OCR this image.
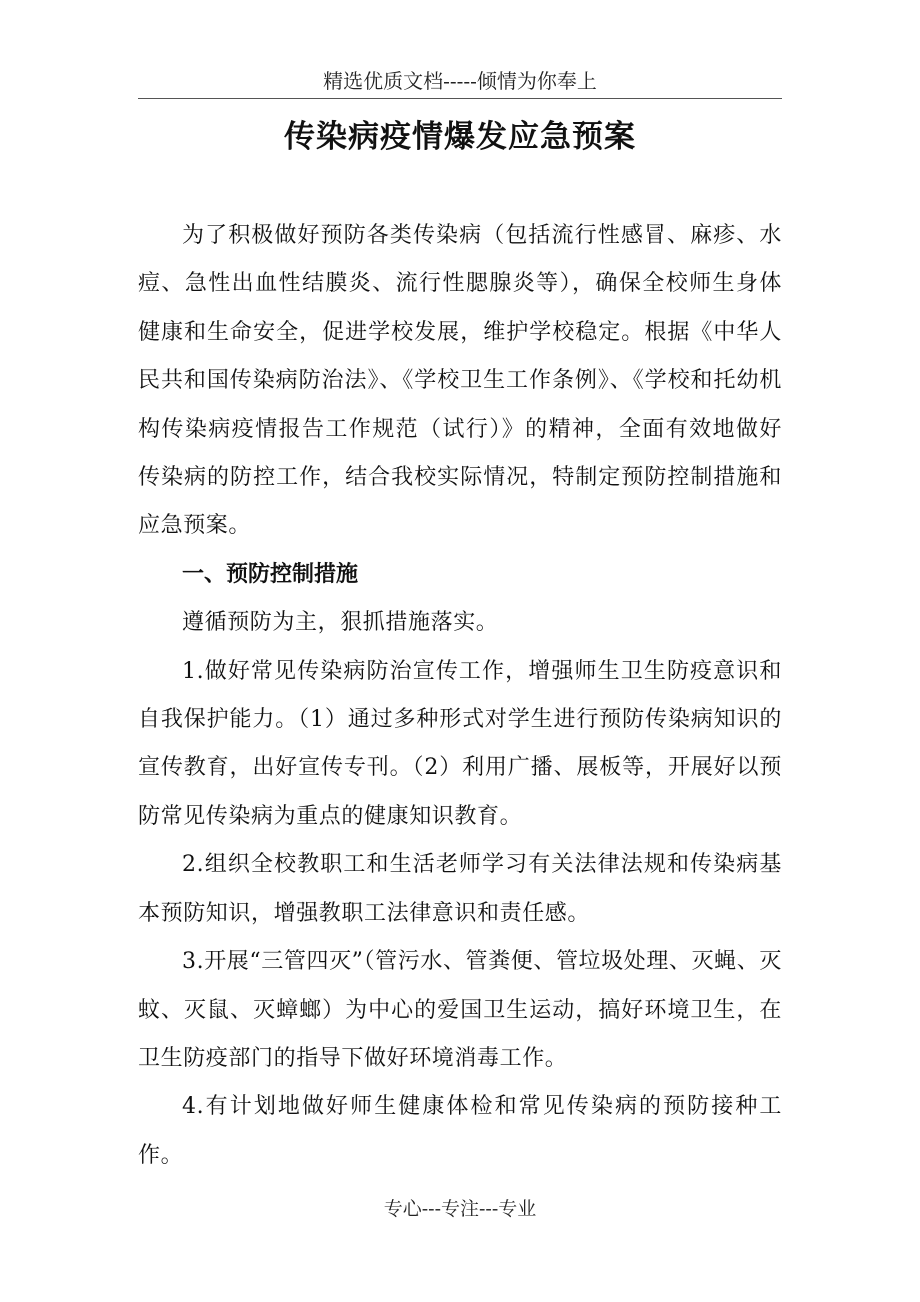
精选优质文档-----倾情为你奉上
传染病疫情爆发应急预案

为了积极做好预防各类传染病（包括流行性感冒、麻疹、水痘、急性出血性结膜炎、流行性腮腺炎等），确保全校师生身体健康和生命安全，促进学校发展，维护学校稳定。根据《中华人民共和国传染病防治法》、《学校卫生工作条例》、《学校和托幼机构传染病疫情报告工作规范（试行）》的精神，全面有效地做好传染病的防控工作，结合我校实际情况，特制定预防控制措施和应急预案。

一、预防控制措施

遵循预防为主，狠抓措施落实。

1.做好常见传染病防治宣传工作，增强师生卫生防疫意识和自我保护能力。（1）通过多种形式对学生进行预防传染病知识的宣传教育，出好宣传专刊。（2）利用广播、展板等，开展好以预防常见传染病为重点的健康知识教育。

2.组织全校教职工和生活老师学习有关法律法规和传染病基本预防知识，增强教职工法律意识和责任感。

3.开展“三管四灭”（管污水、管粪便、管垃圾处理、灭蝇、灭蚊、灭鼠、灭蟑螂）为中心的爱国卫生运动，搞好环境卫生，在卫生防疫部门的指导下做好环境消毒工作。

4.有计划地做好师生健康体检和常见传染病的预防接种工作。

专心---专注---专业
